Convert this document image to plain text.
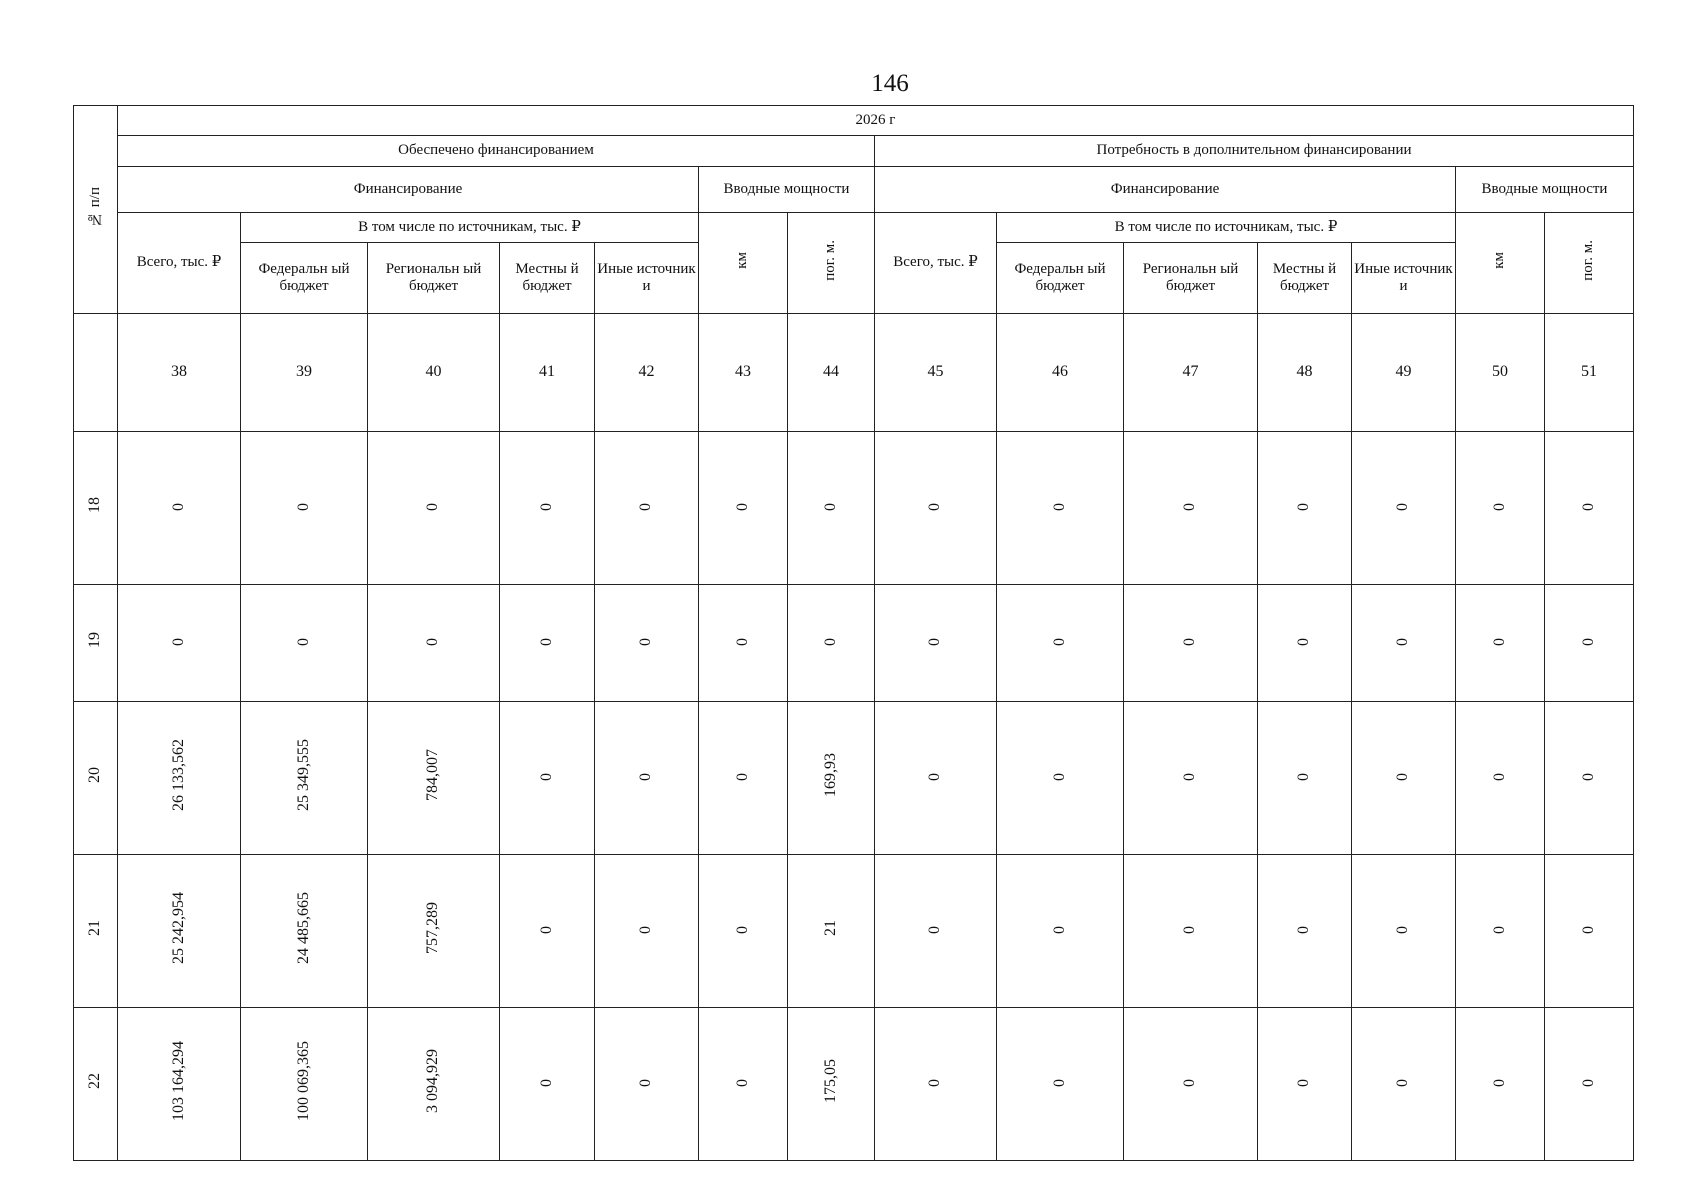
146
№ п/п	2026 г													
	Обеспечено финансированием							Потребность в дополнительном финансировании						
	Финансирование					Вводные мощности		Финансирование					Вводные мощности	
	Всего, тыс. ₽	В том числе по источникам, тыс. ₽				км	пог. м.	Всего, тыс. ₽	В том числе по источникам, тыс. ₽				км	пог. м.
		Федеральн ый бюджет	Региональн ый бюджет	Местны й бюджет	Иные источник и				Федеральн ый бюджет	Региональн ый бюджет	Местны й бюджет	Иные источник и		
	38	39	40	41	42	43	44	45	46	47	48	49	50	51
18	0	0	0	0	0	0	0	0	0	0	0	0	0	0
19	0	0	0	0	0	0	0	0	0	0	0	0	0	0
20	26 133,562	25 349,555	784,007	0	0	0	169,93	0	0	0	0	0	0	0
21	25 242,954	24 485,665	757,289	0	0	0	21	0	0	0	0	0	0	0
22	103 164,294	100 069,365	3 094,929	0	0	0	175,05	0	0	0	0	0	0	0
